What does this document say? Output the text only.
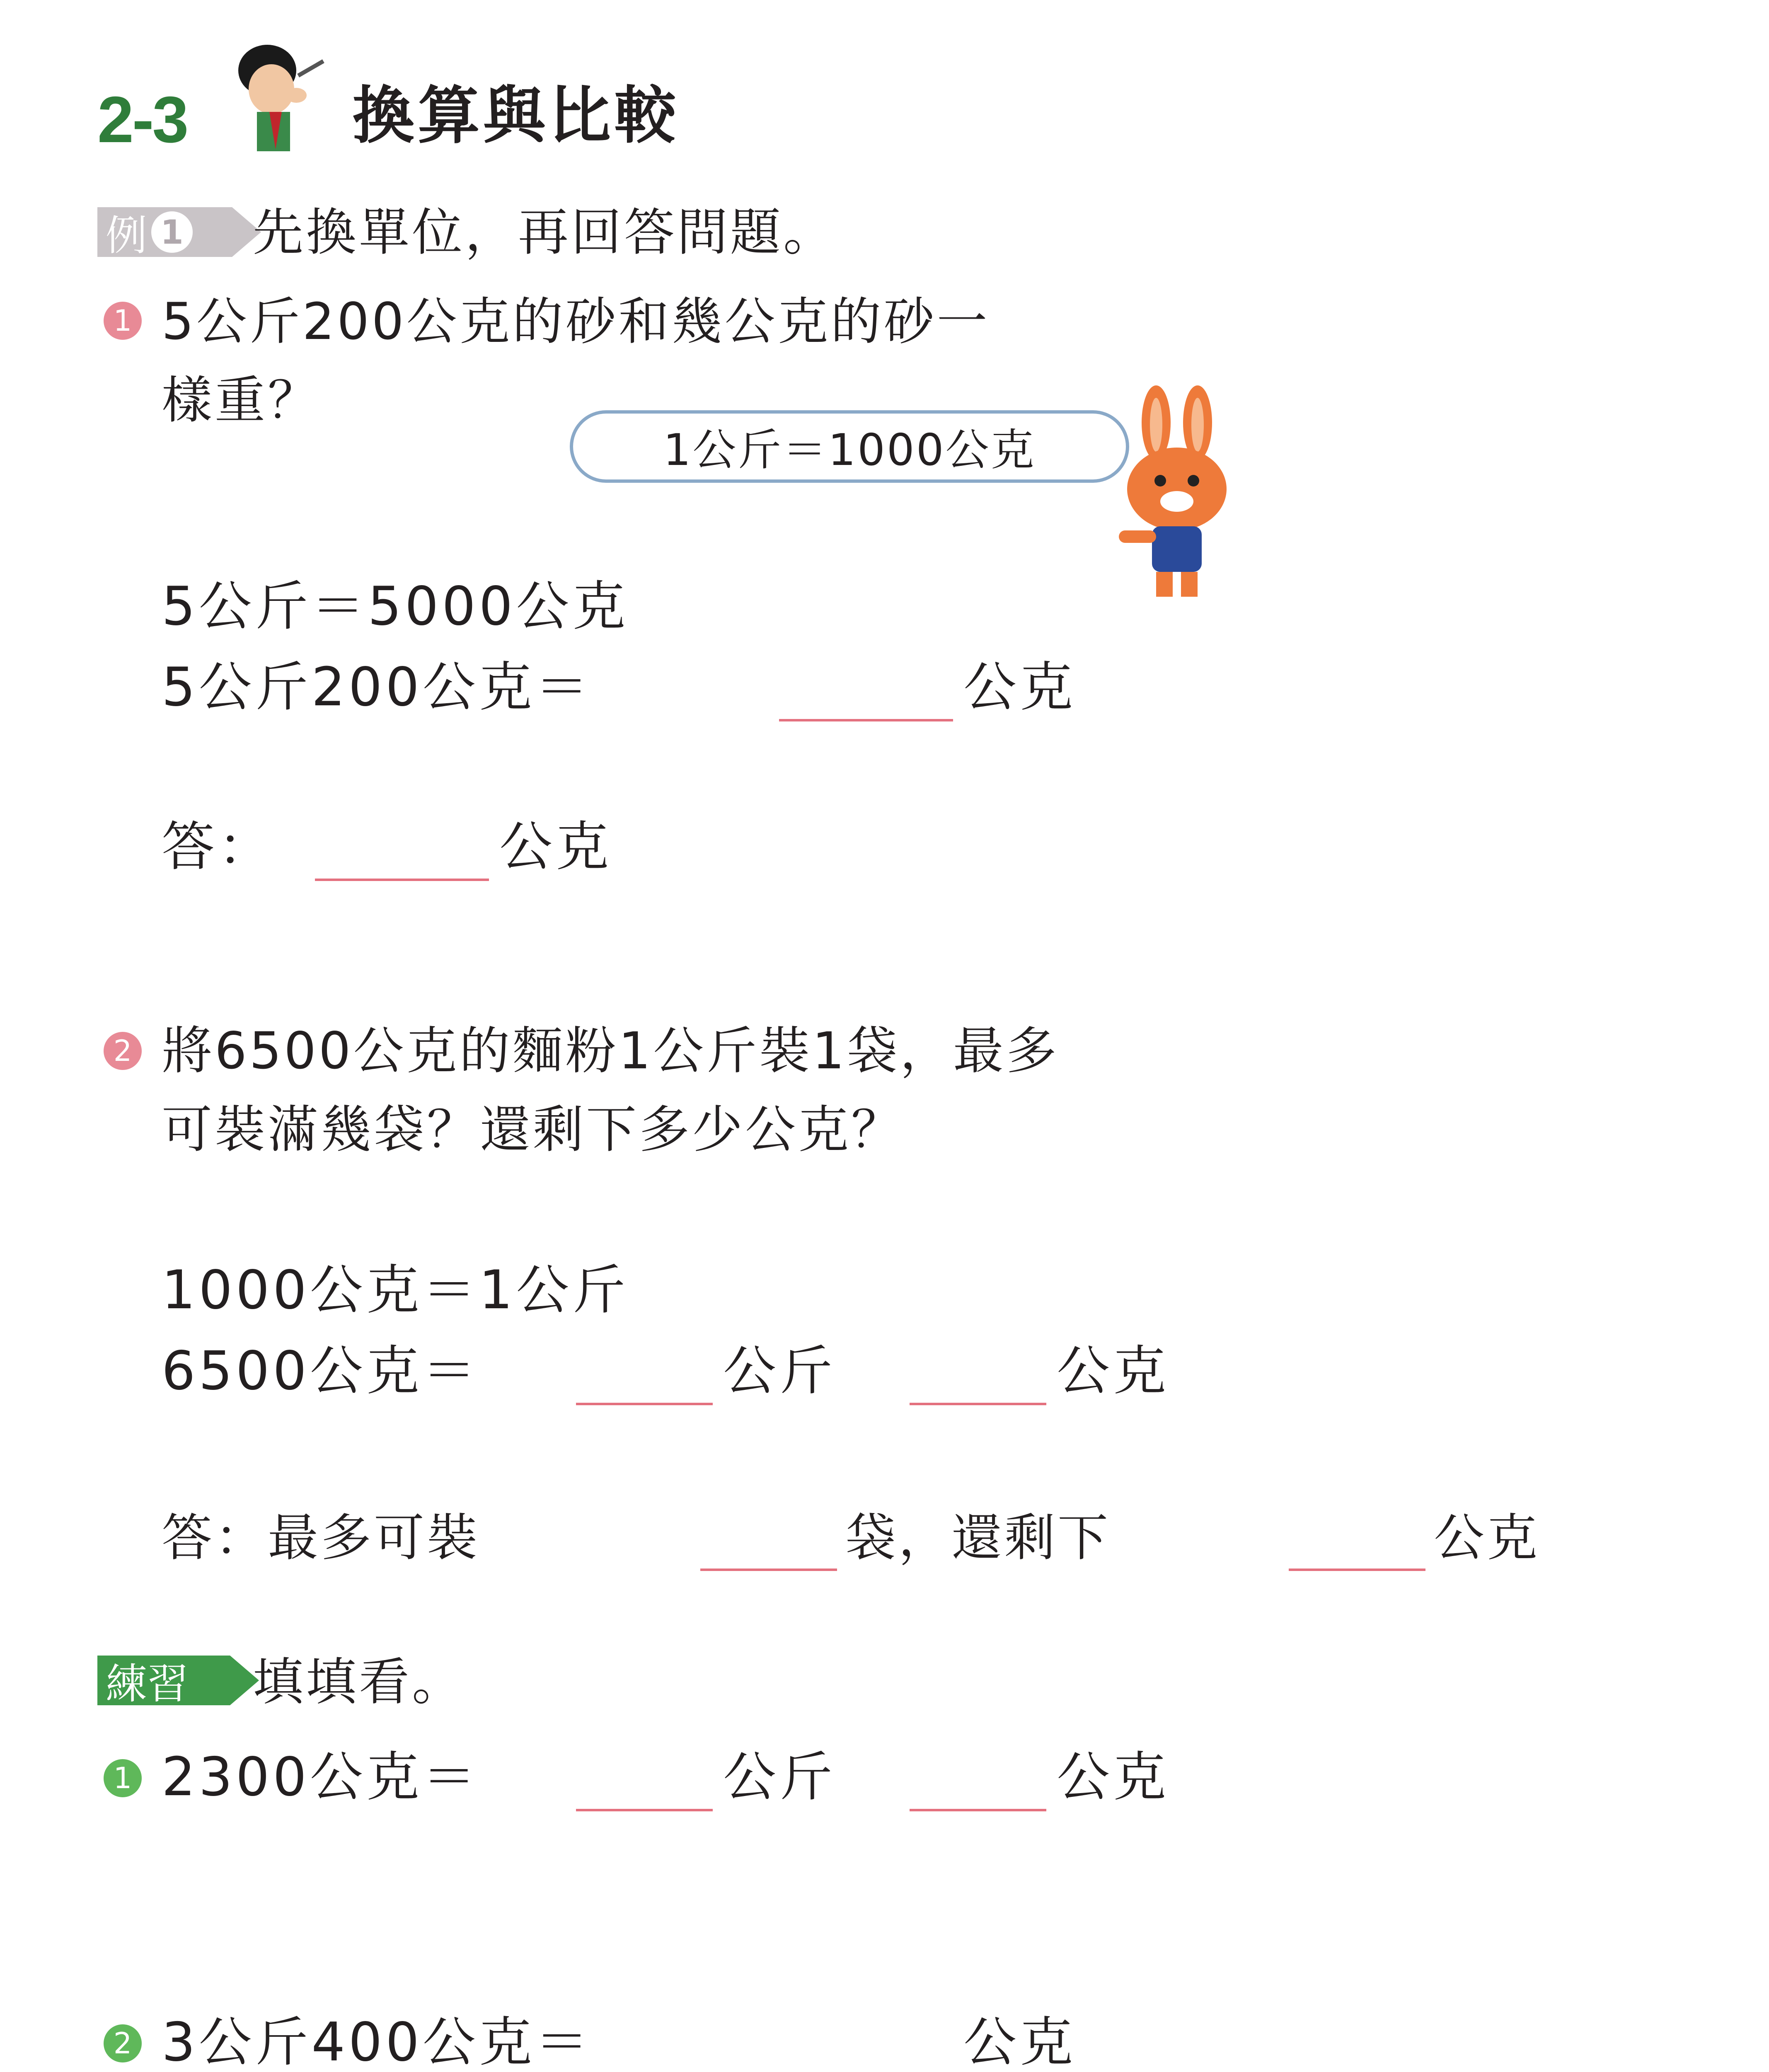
2-3	換算與比較
例 1 先換單位，再回答問題。
1 5公斤200公克的砂和幾公克的砂一
樣重？
1公斤＝1000公克
5公斤＝5000公克
5公斤200公克＝	公克
答：	公克
2 將6500公克的麵粉1公斤裝1袋，最多
可裝滿幾袋？還剩下多少公克？
1000公克＝1公斤
6500公克＝	公斤	公克
答：最多可裝	袋，還剩下	公克
練習 填填看。
1 2300公克＝	公斤	公克
2 3公斤400公克＝	公克
